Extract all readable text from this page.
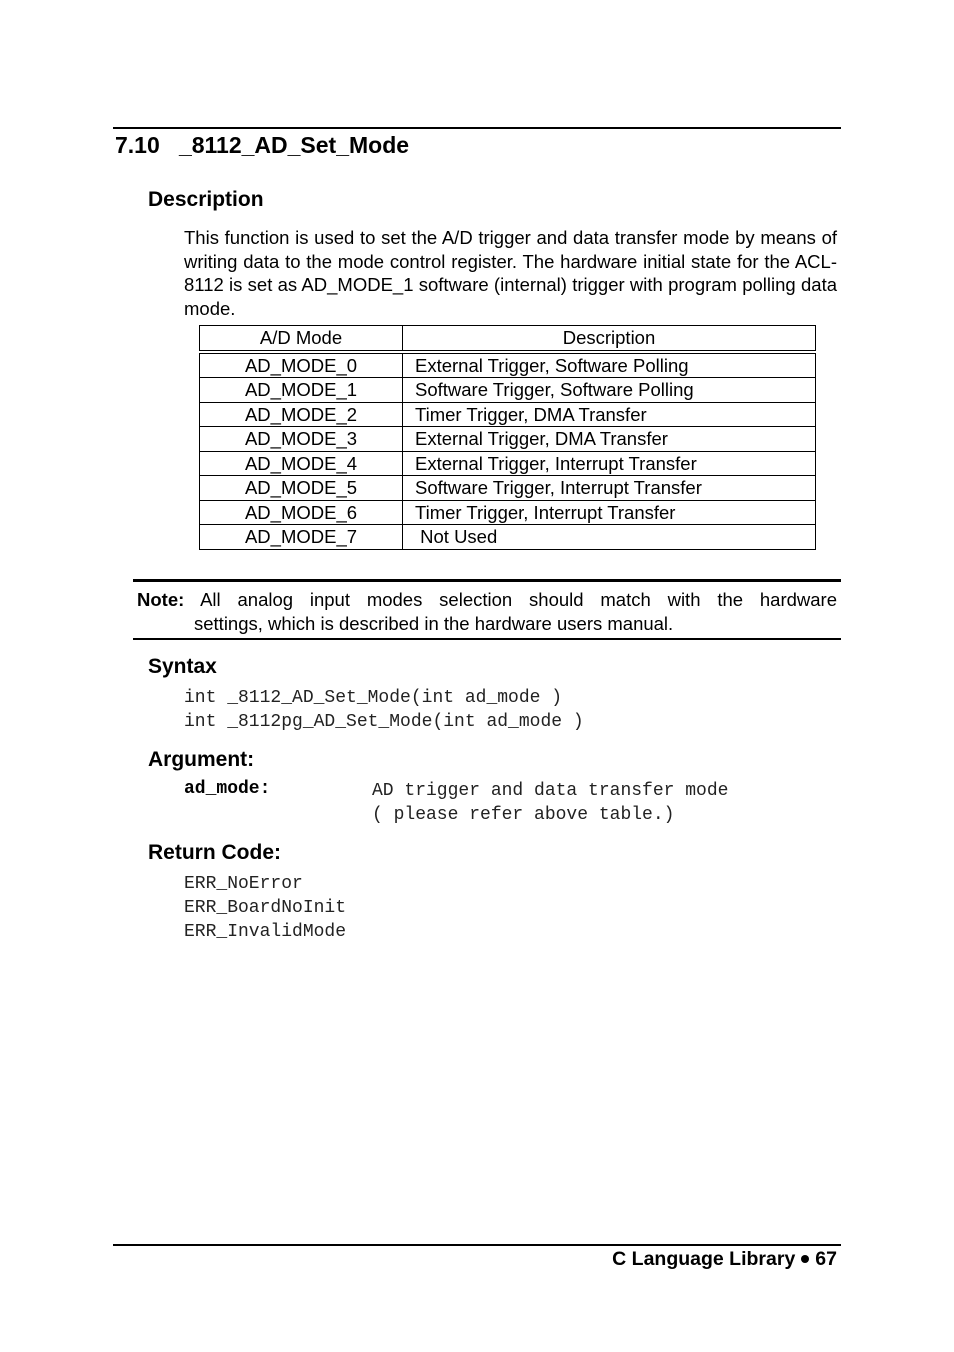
7.10 _8112_AD_Set_Mode
Description
This function is used to set the A/D trigger and data transfer mode by means of writing data to the mode control register. The hardware initial state for the ACL-8112 is set as AD_MODE_1 software (internal) trigger with program polling data mode.
A/D Mode	Description
AD_MODE_0	External Trigger, Software Polling
AD_MODE_1	Software Trigger, Software Polling
AD_MODE_2	Timer Trigger, DMA Transfer
AD_MODE_3	External Trigger, DMA Transfer
AD_MODE_4	External Trigger, Interrupt Transfer
AD_MODE_5	Software Trigger, Interrupt Transfer
AD_MODE_6	Timer Trigger, Interrupt Transfer
AD_MODE_7	Not Used
Note: All analog input modes selection should match with the hardware
settings, which is described in the hardware users manual.
Syntax
int _8112_AD_Set_Mode(int ad_mode )
int _8112pg_AD_Set_Mode(int ad_mode )
Argument:
ad_mode:	AD trigger and data transfer mode
( please refer above table.)
Return Code:
ERR_NoError
ERR_BoardNoInit
ERR_InvalidMode
C Language Library 67
